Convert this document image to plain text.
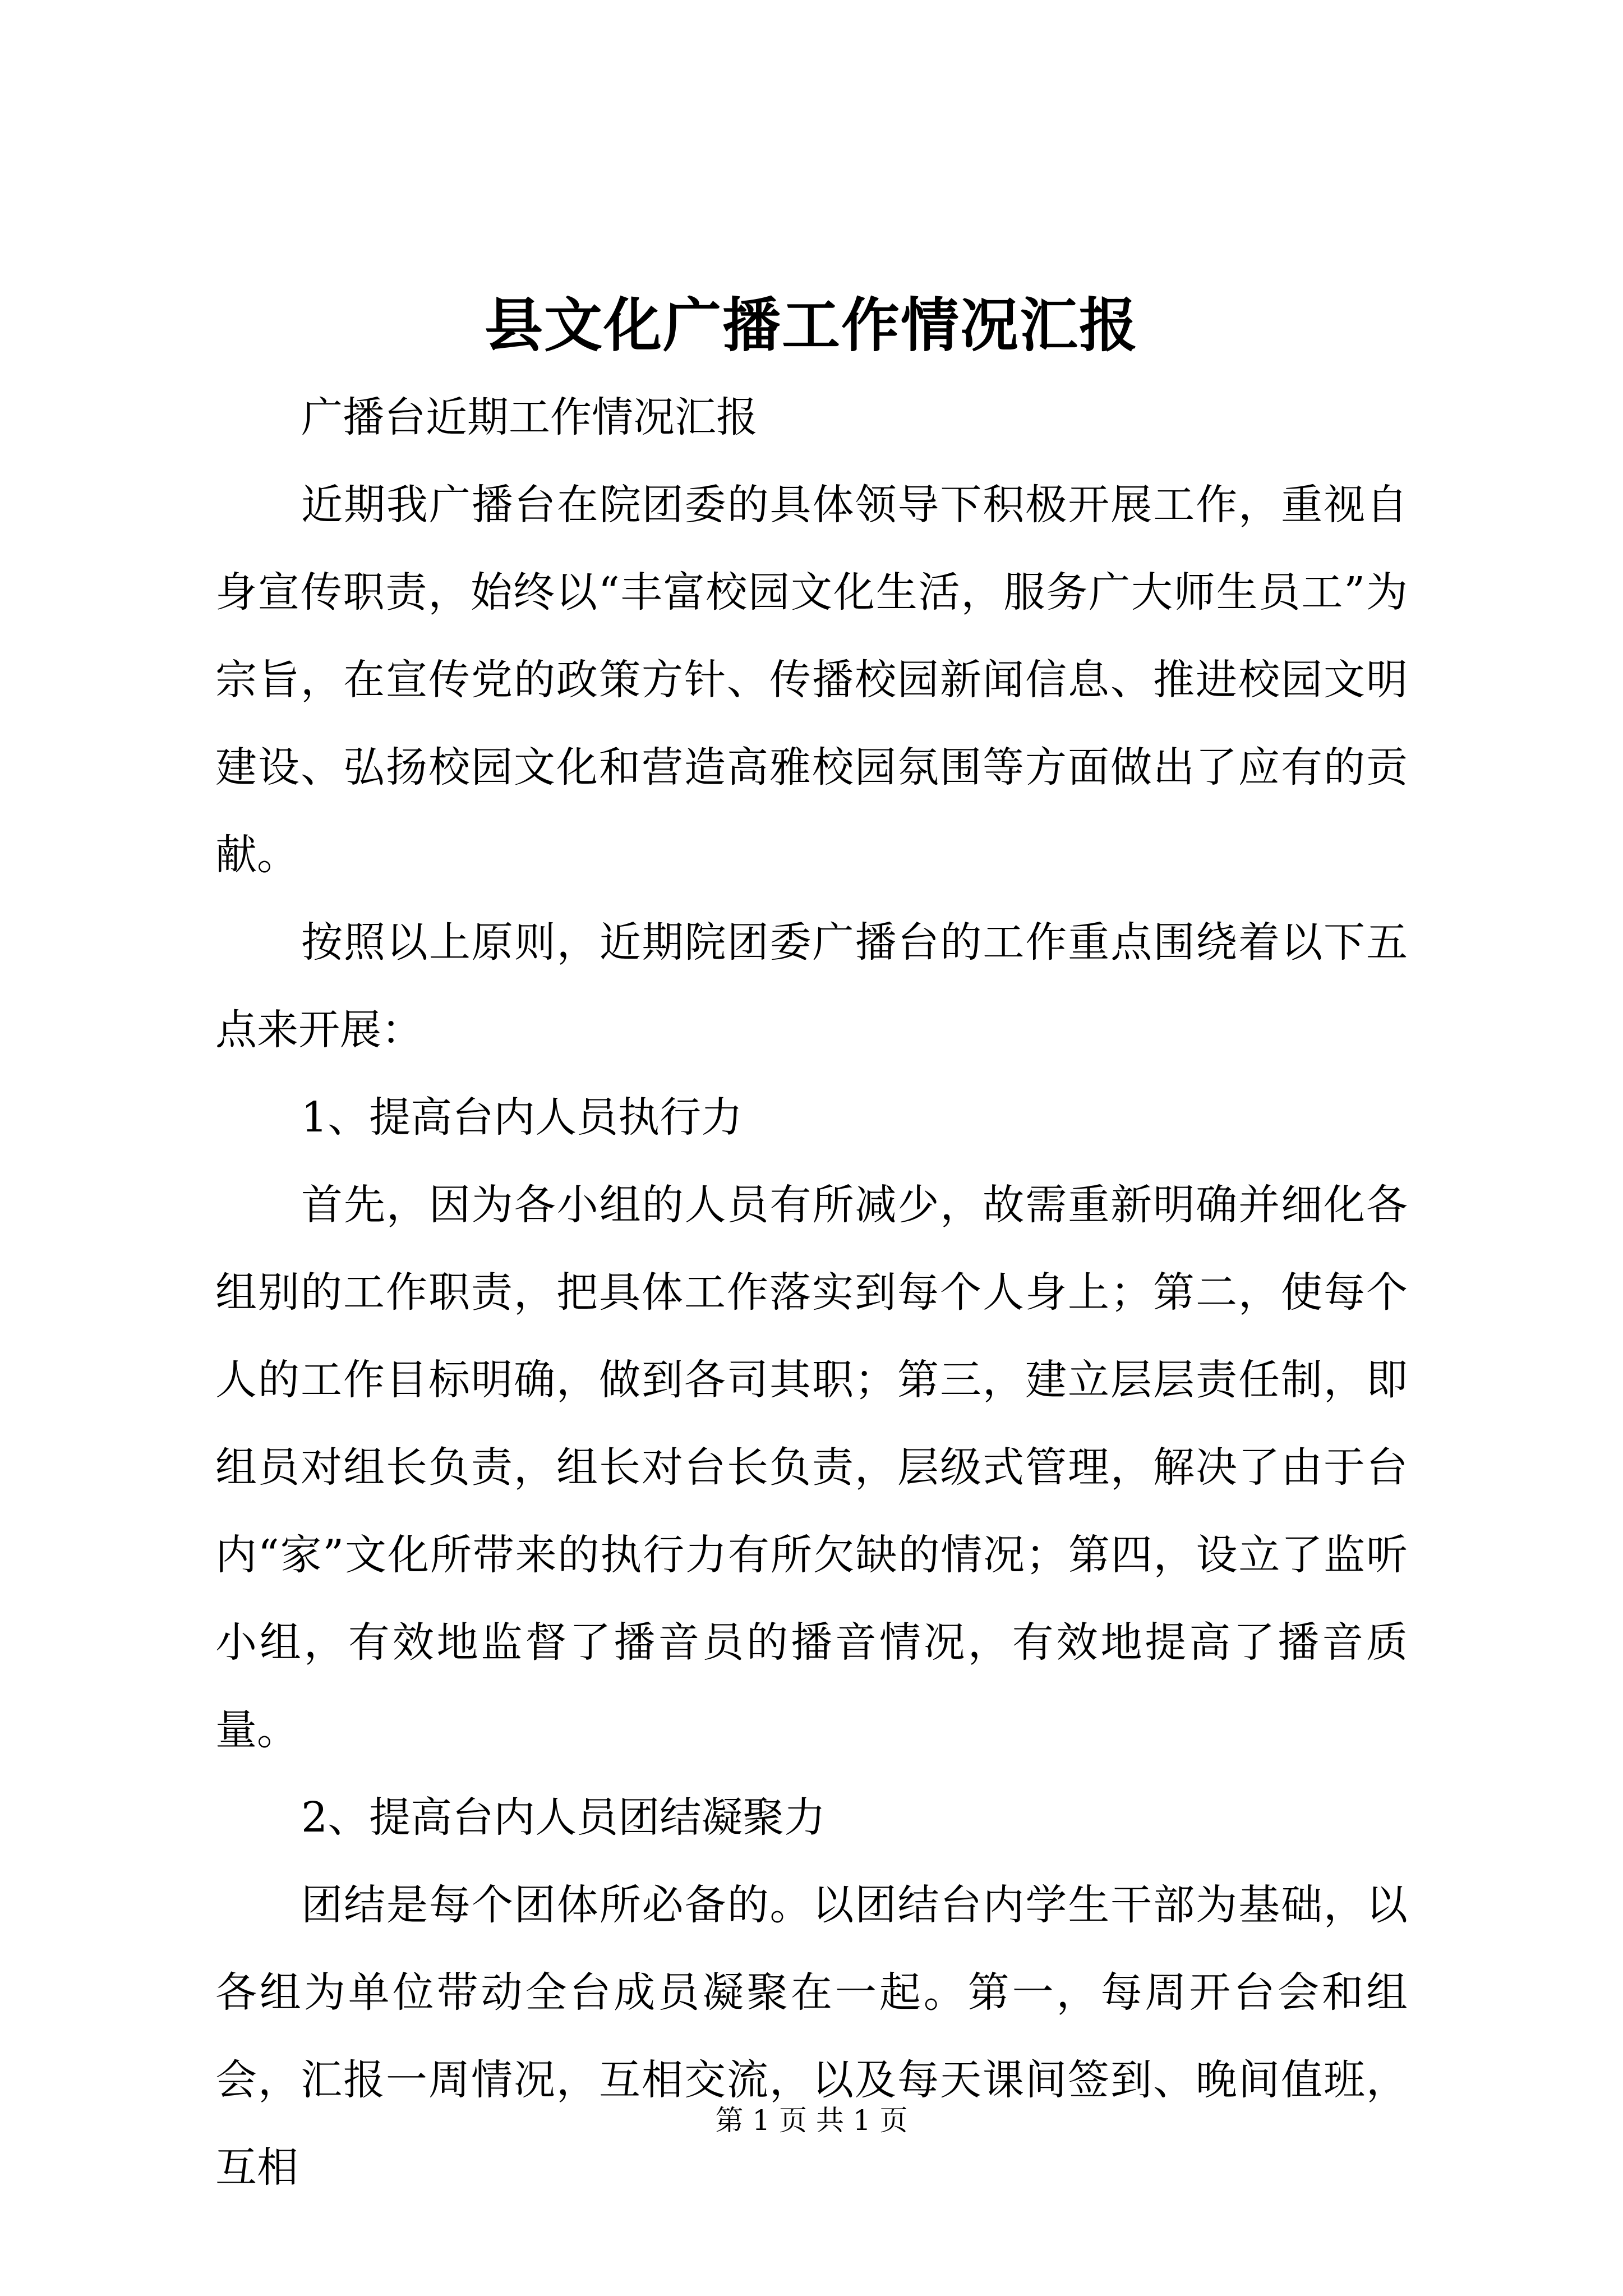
县文化广播工作情况汇报

广播台近期工作情况汇报

近期我广播台在院团委的具体领导下积极开展工作，重视自身宣传职责，始终以“丰富校园文化生活，服务广大师生员工”为宗旨，在宣传党的政策方针、传播校园新闻信息、推进校园文明建设、弘扬校园文化和营造高雅校园氛围等方面做出了应有的贡献。

按照以上原则，近期院团委广播台的工作重点围绕着以下五点来开展：

1、提高台内人员执行力

首先，因为各小组的人员有所减少，故需重新明确并细化各组别的工作职责，把具体工作落实到每个人身上；第二，使每个人的工作目标明确，做到各司其职；第三，建立层层责任制，即组员对组长负责，组长对台长负责，层级式管理，解决了由于台内“家”文化所带来的执行力有所欠缺的情况；第四，设立了监听小组，有效地监督了播音员的播音情况，有效地提高了播音质量。

2、提高台内人员团结凝聚力

团结是每个团体所必备的。以团结台内学生干部为基础，以各组为单位带动全台成员凝聚在一起。第一，每周开台会和组会，汇报一周情况，互相交流，以及每天课间签到、晚间值班，互相

第 1 页 共 1 页
